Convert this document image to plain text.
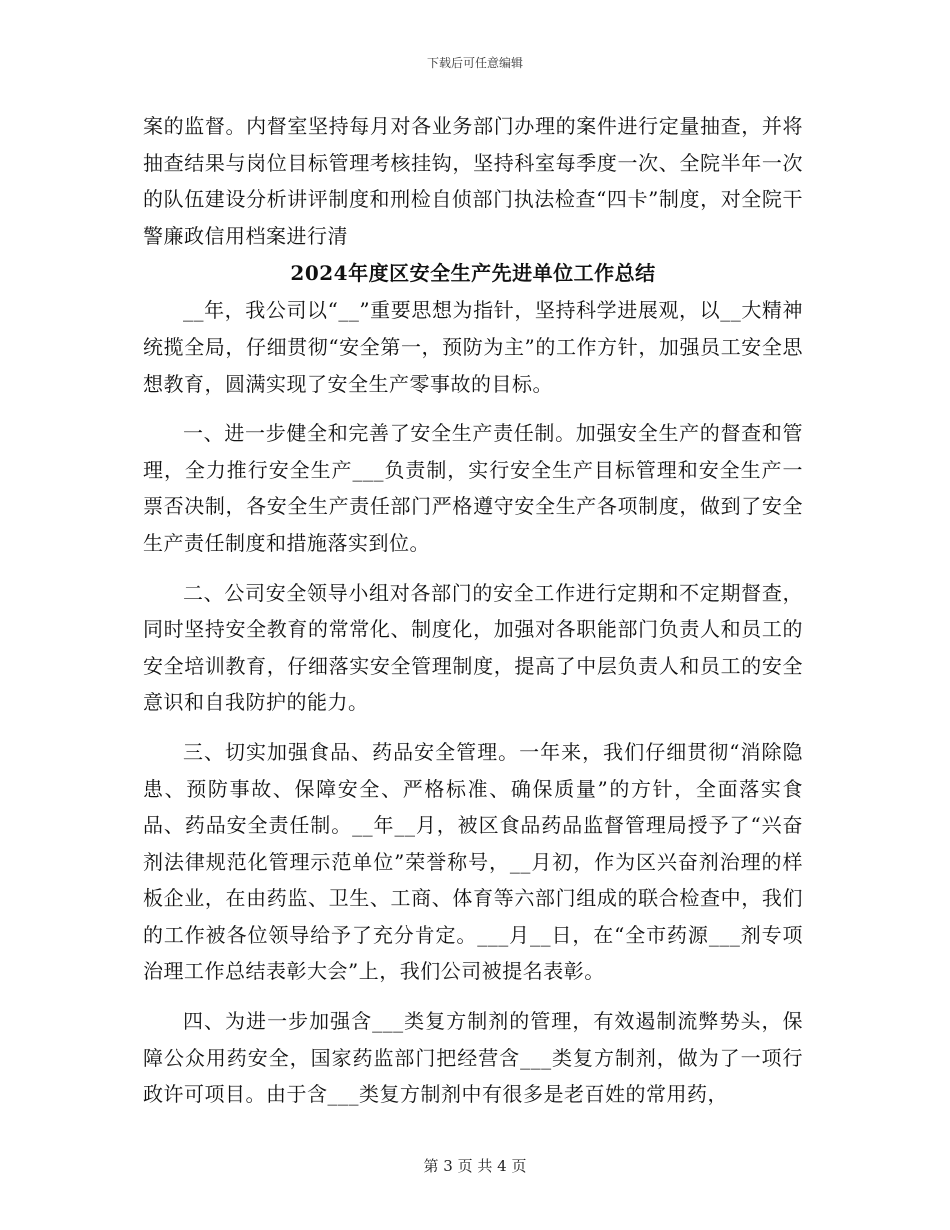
下载后可任意编辑

案的监督。内督室坚持每月对各业务部门办理的案件进行定量抽查，并将抽查结果与岗位目标管理考核挂钩，坚持科室每季度一次、全院半年一次的队伍建设分析讲评制度和刑检自侦部门执法检查“四卡”制度，对全院干警廉政信用档案进行清

2024年度区安全生产先进单位工作总结

__年，我公司以“__”重要思想为指针，坚持科学进展观，以__大精神统揽全局，仔细贯彻“安全第一，预防为主”的工作方针，加强员工安全思想教育，圆满实现了安全生产零事故的目标。

一、进一步健全和完善了安全生产责任制。加强安全生产的督查和管理，全力推行安全生产___负责制，实行安全生产目标管理和安全生产一票否决制，各安全生产责任部门严格遵守安全生产各项制度，做到了安全生产责任制度和措施落实到位。

二、公司安全领导小组对各部门的安全工作进行定期和不定期督查，同时坚持安全教育的常常化、制度化，加强对各职能部门负责人和员工的安全培训教育，仔细落实安全管理制度，提高了中层负责人和员工的安全意识和自我防护的能力。

三、切实加强食品、药品安全管理。一年来，我们仔细贯彻“消除隐患、预防事故、保障安全、严格标准、确保质量”的方针，全面落实食品、药品安全责任制。__年__月，被区食品药品监督管理局授予了“兴奋剂法律规范化管理示范单位”荣誉称号，__月初，作为区兴奋剂治理的样板企业，在由药监、卫生、工商、体育等六部门组成的联合检查中，我们的工作被各位领导给予了充分肯定。___月__日，在“全市药源___剂专项治理工作总结表彰大会”上，我们公司被提名表彰。

四、为进一步加强含___类复方制剂的管理，有效遏制流弊势头，保障公众用药安全，国家药监部门把经营含___类复方制剂，做为了一项行政许可项目。由于含___类复方制剂中有很多是老百姓的常用药，

第 3 页 共 4 页
